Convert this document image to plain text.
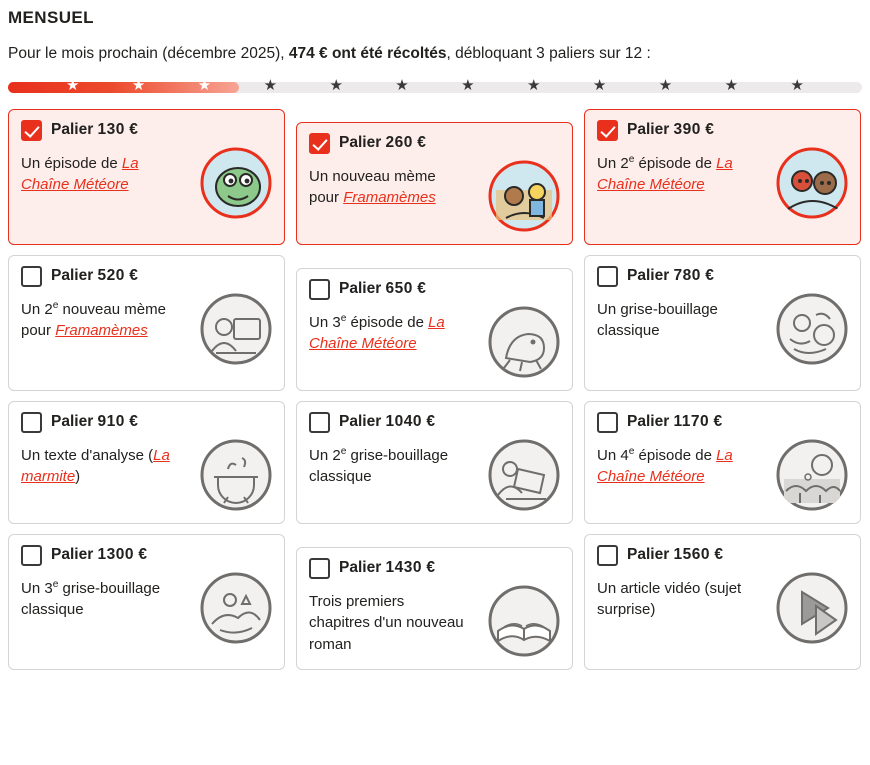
MENSUEL
Pour le mois prochain (décembre 2025), 474 € ont été récoltés, débloquant 3 paliers sur 12 :
★	★	★	★	★	★	★	★	★	★	★	★
Palier 130 €
Un épisode de La Chaîne Météore
Palier 260 €
Un nouveau mème pour Framamèmes
Palier 390 €
Un 2e épisode de La Chaîne Météore
Palier 520 €
Un 2e nouveau mème pour Framamèmes
Palier 650 €
Un 3e épisode de La Chaîne Météore
Palier 780 €
Un grise-bouillage classique
Palier 910 €
Un texte d'analyse (La marmite)
Palier 1040 €
Un 2e grise-bouillage classique
Palier 1170 €
Un 4e épisode de La Chaîne Météore
Palier 1300 €
Un 3e grise-bouillage classique
Palier 1430 €
Trois premiers chapitres d'un nouveau roman
Palier 1560 €
Un article vidéo (sujet surprise)
